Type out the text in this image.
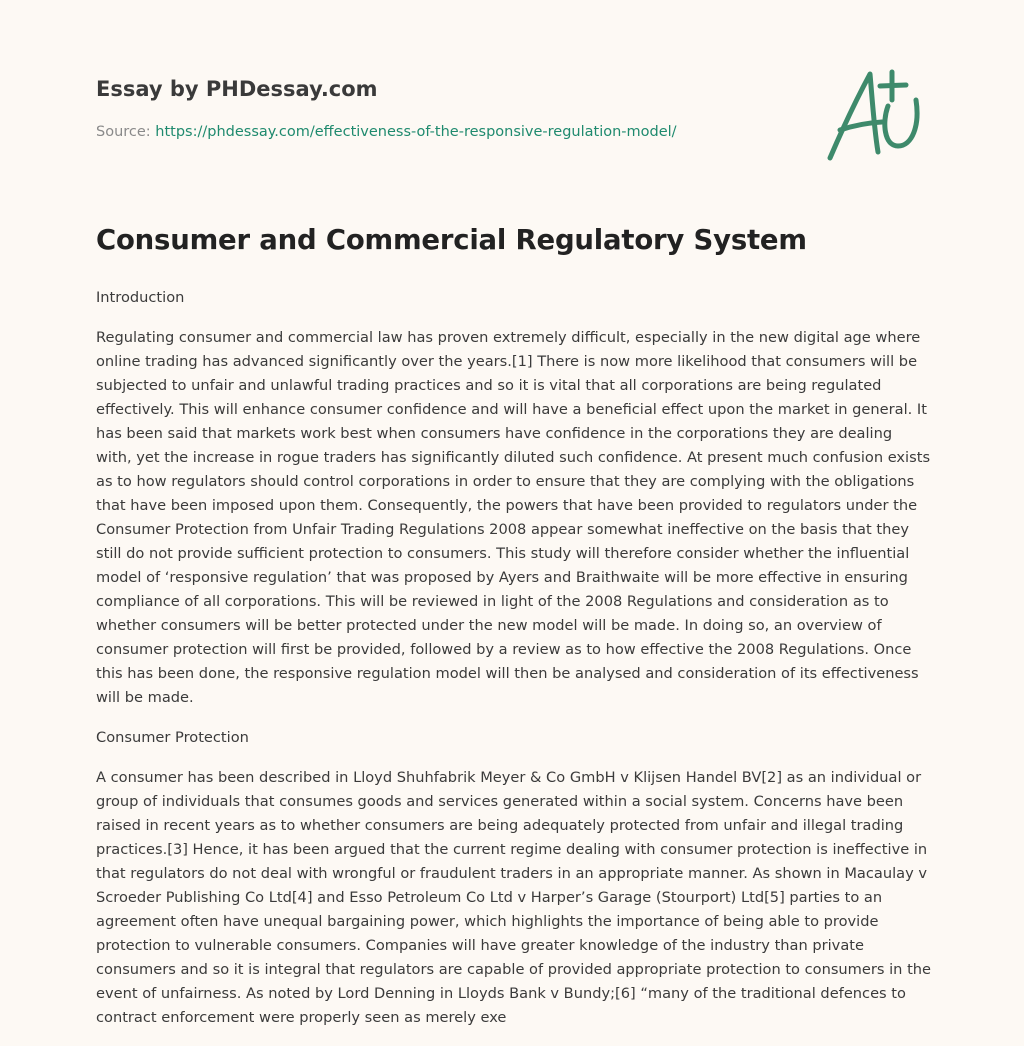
Essay by PHDessay.com
Source: https://phdessay.com/effectiveness-of-the-responsive-regulation-model/
Consumer and Commercial Regulatory System
Introduction

Regulating consumer and commercial law has proven extremely difficult, especially in the new digital age where online trading has advanced significantly over the years.[1] There is now more likelihood that consumers will be subjected to unfair and unlawful trading practices and so it is vital that all corporations are being regulated effectively. This will enhance consumer confidence and will have a beneficial effect upon the market in general. It has been said that markets work best when consumers have confidence in the corporations they are dealing with, yet the increase in rogue traders has significantly diluted such confidence. At present much confusion exists as to how regulators should control corporations in order to ensure that they are complying with the obligations that have been imposed upon them. Consequently, the powers that have been provided to regulators under the Consumer Protection from Unfair Trading Regulations 2008 appear somewhat ineffective on the basis that they still do not provide sufficient protection to consumers. This study will therefore consider whether the influential model of ‘responsive regulation’ that was proposed by Ayers and Braithwaite will be more effective in ensuring compliance of all corporations. This will be reviewed in light of the 2008 Regulations and consideration as to whether consumers will be better protected under the new model will be made. In doing so, an overview of consumer protection will first be provided, followed by a review as to how effective the 2008 Regulations. Once this has been done, the responsive regulation model will then be analysed and consideration of its effectiveness will be made.

Consumer Protection

A consumer has been described in Lloyd Shuhfabrik Meyer & Co GmbH v Klijsen Handel BV[2] as an individual or group of individuals that consumes goods and services generated within a social system. Concerns have been raised in recent years as to whether consumers are being adequately protected from unfair and illegal trading practices.[3] Hence, it has been argued that the current regime dealing with consumer protection is ineffective in that regulators do not deal with wrongful or fraudulent traders in an appropriate manner. As shown in Macaulay v Scroeder Publishing Co Ltd[4] and Esso Petroleum Co Ltd v Harper’s Garage (Stourport) Ltd[5] parties to an agreement often have unequal bargaining power, which highlights the importance of being able to provide protection to vulnerable consumers. Companies will have greater knowledge of the industry than private consumers and so it is integral that regulators are capable of provided appropriate protection to consumers in the event of unfairness. As noted by Lord Denning in Lloyds Bank v Bundy;[6] “many of the traditional defences to contract enforcement were properly seen as merely exe
